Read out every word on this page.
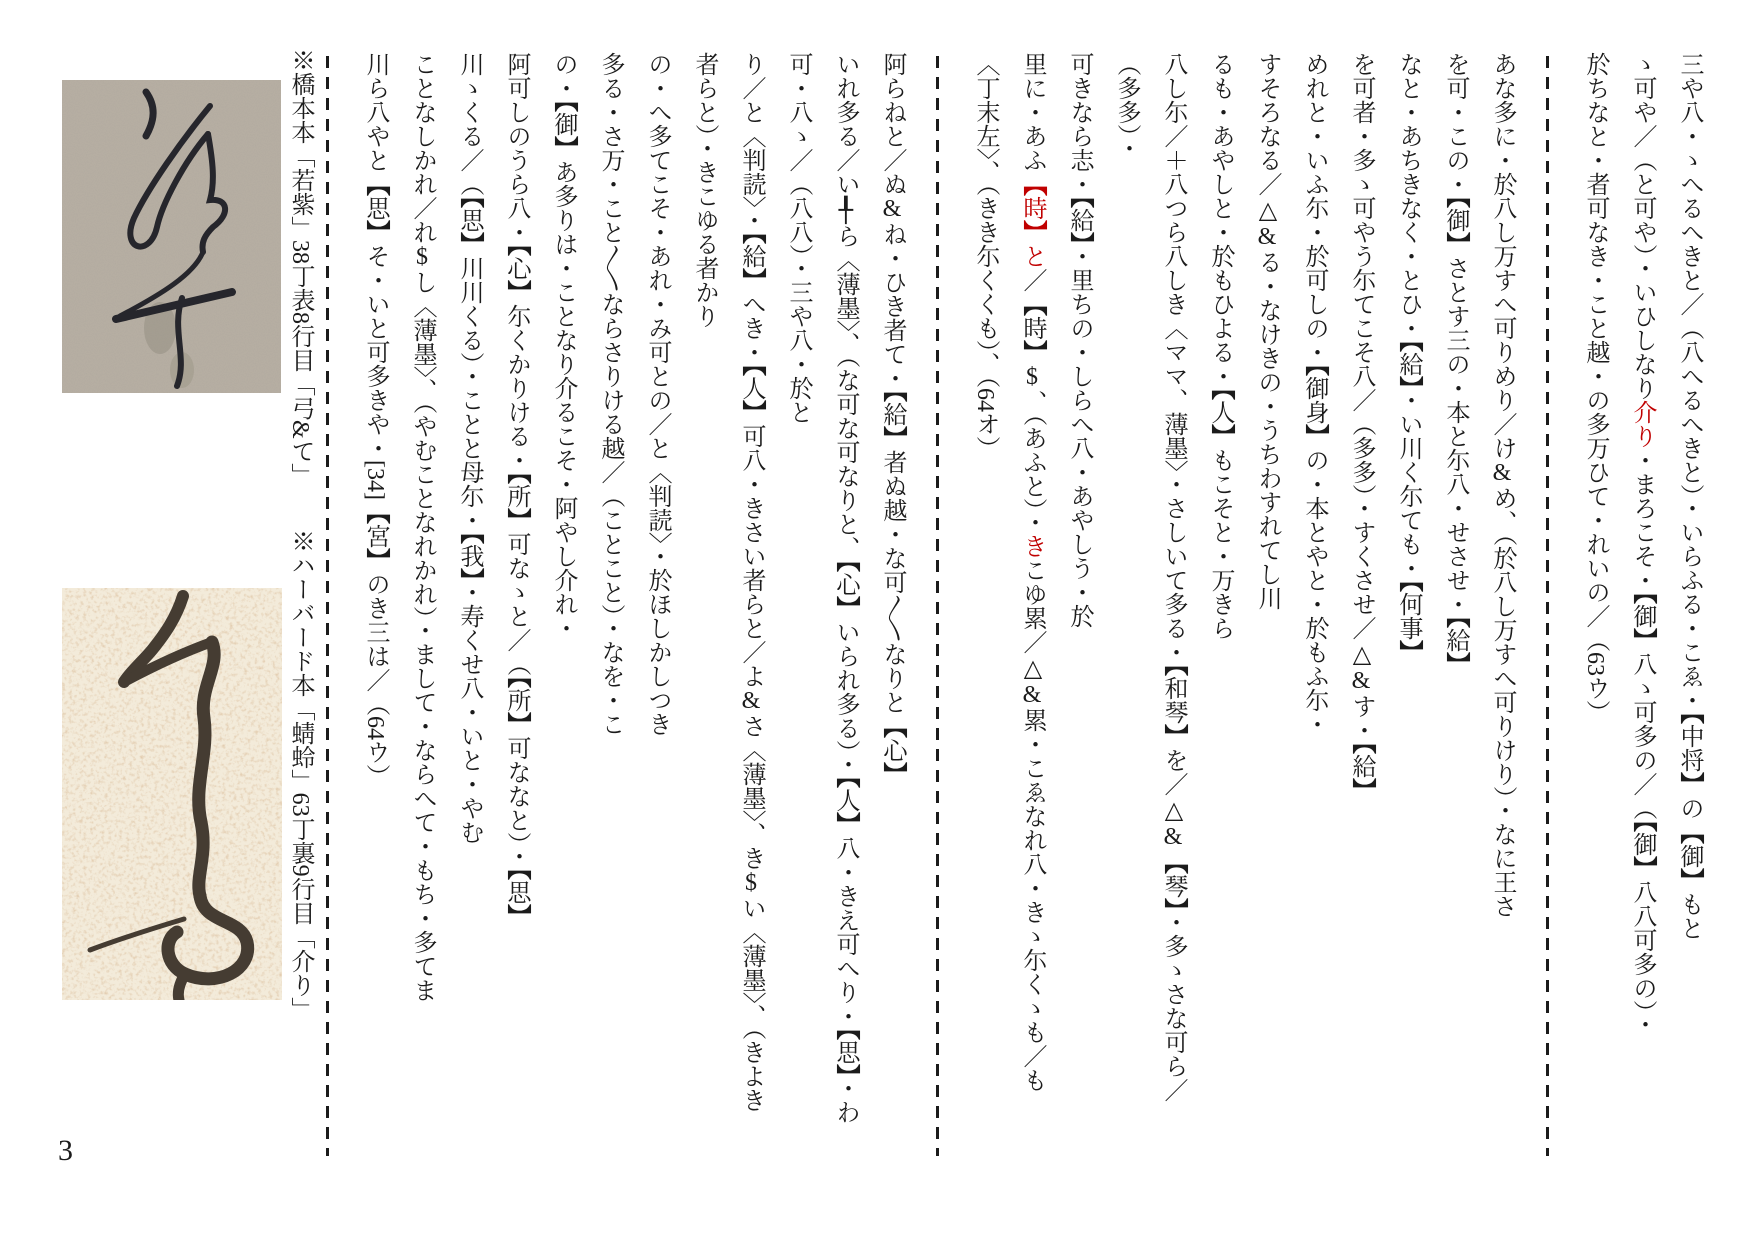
三や八・ゝへるへきと／（八へるへきと）・いらふる・こゑ・【中将】の【御】もと

ゝ可や／（と可や）・いひしなり介り・まろこそ・【御】八ゝ可多の／（【御】八八可多の）・

於ちなと・者可なき・こと越・の多万ひて・れいの／（63ウ）

あな多に・於八し万すへ可りめり／け&め、（於八し万すへ可りけり）・なに王さ

を可・この・【御】さとす三の・本と尓八・せさせ・【給】

なと・あちきなく・とひ・【給】・い川く尓ても・【何事】

を可者・多ゝ可やう尓てこそ八／（多多）・すくさせ／△&す・【給】

めれと・いふ尓・於可しの・【御身】の・本とやと・於もふ尓・

すそろなる／△&る・なけきの・うちわすれてし川

るも・あやしと・於もひよる・【人】もこそと・万きら

八し尓／＋八つら八しき〈ママ、薄墨〉・さしいて多る・【和琴】を／△&【琴】・多ゝさな可ら／

（多多）・

可きなら志・【給】・里ちの・しらへ八・あやしう・於

里に・あふ【時】と／【時】$、（あふと）・きこゆ累／△&累・こゑなれ八・きゝ尓くゝも／も

〈丁末左〉、（きき尓くくも）、（64オ）

阿らねと／ぬ&ね・ひき者て・【給】者ぬ越・な可〱なりと【心】

いれ多る／い╀ら〈薄墨〉、（な可な可なりと、【心】いられ多る）・【人】八・きえ可へり・【思】・わ

可・八ゝ／（八八）・三や八・於と

り／と〈判読〉・【給】へき・【人】可八・きさい者らと／よ&さ〈薄墨〉、き$い〈薄墨〉、（きよき

者らと）・きこゆる者かり

の・へ多てこそ・あれ・み可との／と〈判読〉・於ほしかしつき

多る・さ万・こと〱ならさりける越／（ことこと）・なを・こ

の・【御】あ多りは・ことなり介るこそ・阿やし介れ・

阿可しのうら八・【心】尓くかりける・【所】可なゝと／（【所】可ななと）・【思】

川ゝくる／（【思】川川くる）・ことと母尓・【我】・寿くせ八・いと・やむ

ことなしかれ／れ$し〈薄墨〉、（やむことなれかれ）・まして・ならへて・もち・多てま

川ら八やと【思】そ・いと可多きや・[34]【宮】のき三は／（64ウ）

※橋本本「若紫」38丁表8行目「弓&て」※ハーバード本「蜻蛉」63丁裏9行目「介り」
3
